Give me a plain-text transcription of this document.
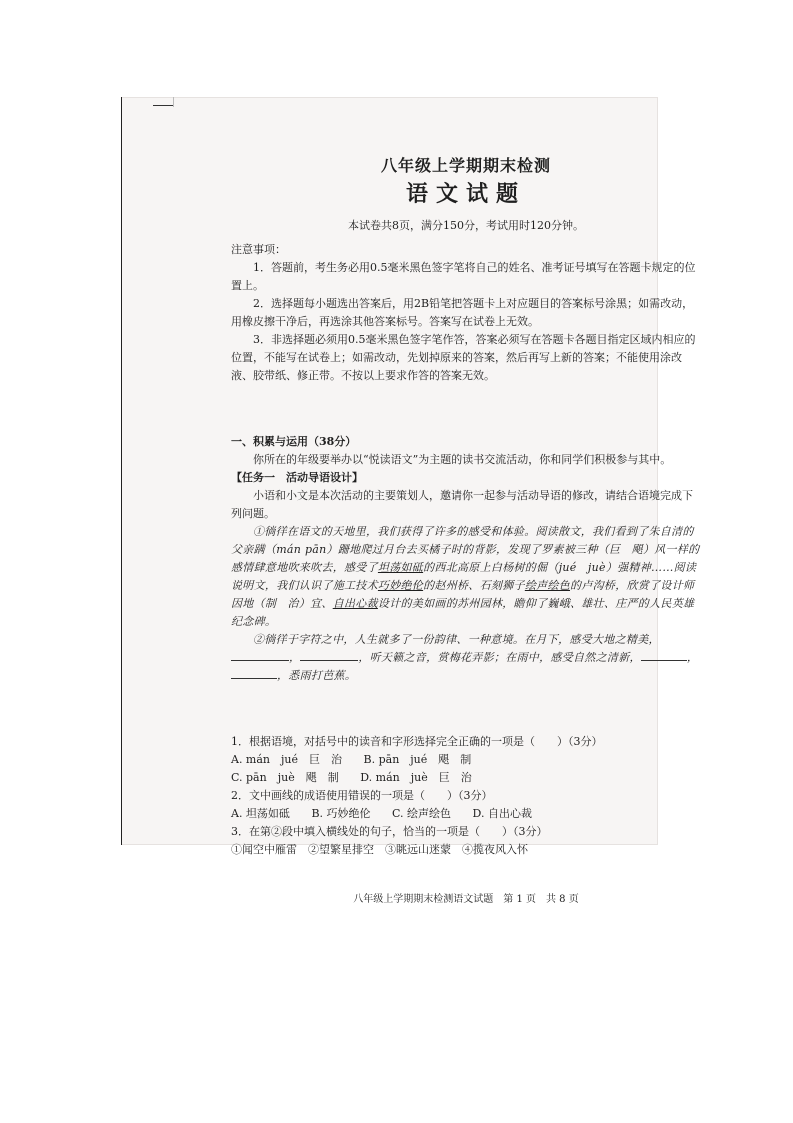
八年级上学期期末检测
语文试题
本试卷共8页，满分150分，考试用时120分钟。

注意事项：

1．答题前，考生务必用0.5毫米黑色签字笔将自己的姓名、准考证号填写在答题卡规定的位置上。

2．选择题每小题选出答案后，用2B铅笔把答题卡上对应题目的答案标号涂黑；如需改动，用橡皮擦干净后，再选涂其他答案标号。答案写在试卷上无效。

3．非选择题必须用0.5毫米黑色签字笔作答，答案必须写在答题卡各题目指定区域内相应的位置，不能写在试卷上；如需改动，先划掉原来的答案，然后再写上新的答案；不能使用涂改液、胶带纸、修正带。不按以上要求作答的答案无效。

一、积累与运用（38分）

你所在的年级要举办以“悦读语文”为主题的读书交流活动，你和同学们积极参与其中。

【任务一　活动导语设计】

小语和小文是本次活动的主要策划人，邀请你一起参与活动导语的修改，请结合语境完成下列问题。

①徜徉在语文的天地里，我们获得了许多的感受和体验。阅读散文，我们看到了朱自清的父亲蹒（mán pān）跚地爬过月台去买橘子时的背影，发现了罗素被三种（巨　飓）风一样的感情肆意地吹来吹去，感受了坦荡如砥的西北高原上白杨树的倔（jué　juè）强精神……阅读说明文，我们认识了施工技术巧妙绝伦的赵州桥、石刻狮子绘声绘色的卢沟桥，欣赏了设计师因地（制　治）宜、自出心裁设计的美如画的苏州园林，瞻仰了巍峨、雄壮、庄严的人民英雄纪念碑。

②徜徉于字符之中，人生就多了一份韵律、一种意境。在月下，感受大地之精美，，	，听天籁之音，赏梅花弄影；在雨中，感受自然之清新，	，，悉雨打芭蕉。

1．根据语境，对括号中的读音和字形选择完全正确的一项是（　　）（3分）

A. mán　jué　巨　治 B. pān　jué　飓　制

C. pān　juè　飓　制 D. mán　juè　巨　治

2．文中画线的成语使用错误的一项是（　　）（3分）

A. 坦荡如砥 B. 巧妙绝伦 C. 绘声绘色 D. 自出心裁

3．在第②段中填入横线处的句子，恰当的一项是（　　）（3分）

①闻空中雁雷　②望繁星排空　③眺远山迷蒙　④揽夜风入怀

八年级上学期期末检测语文试题　第 1 页　共 8 页
